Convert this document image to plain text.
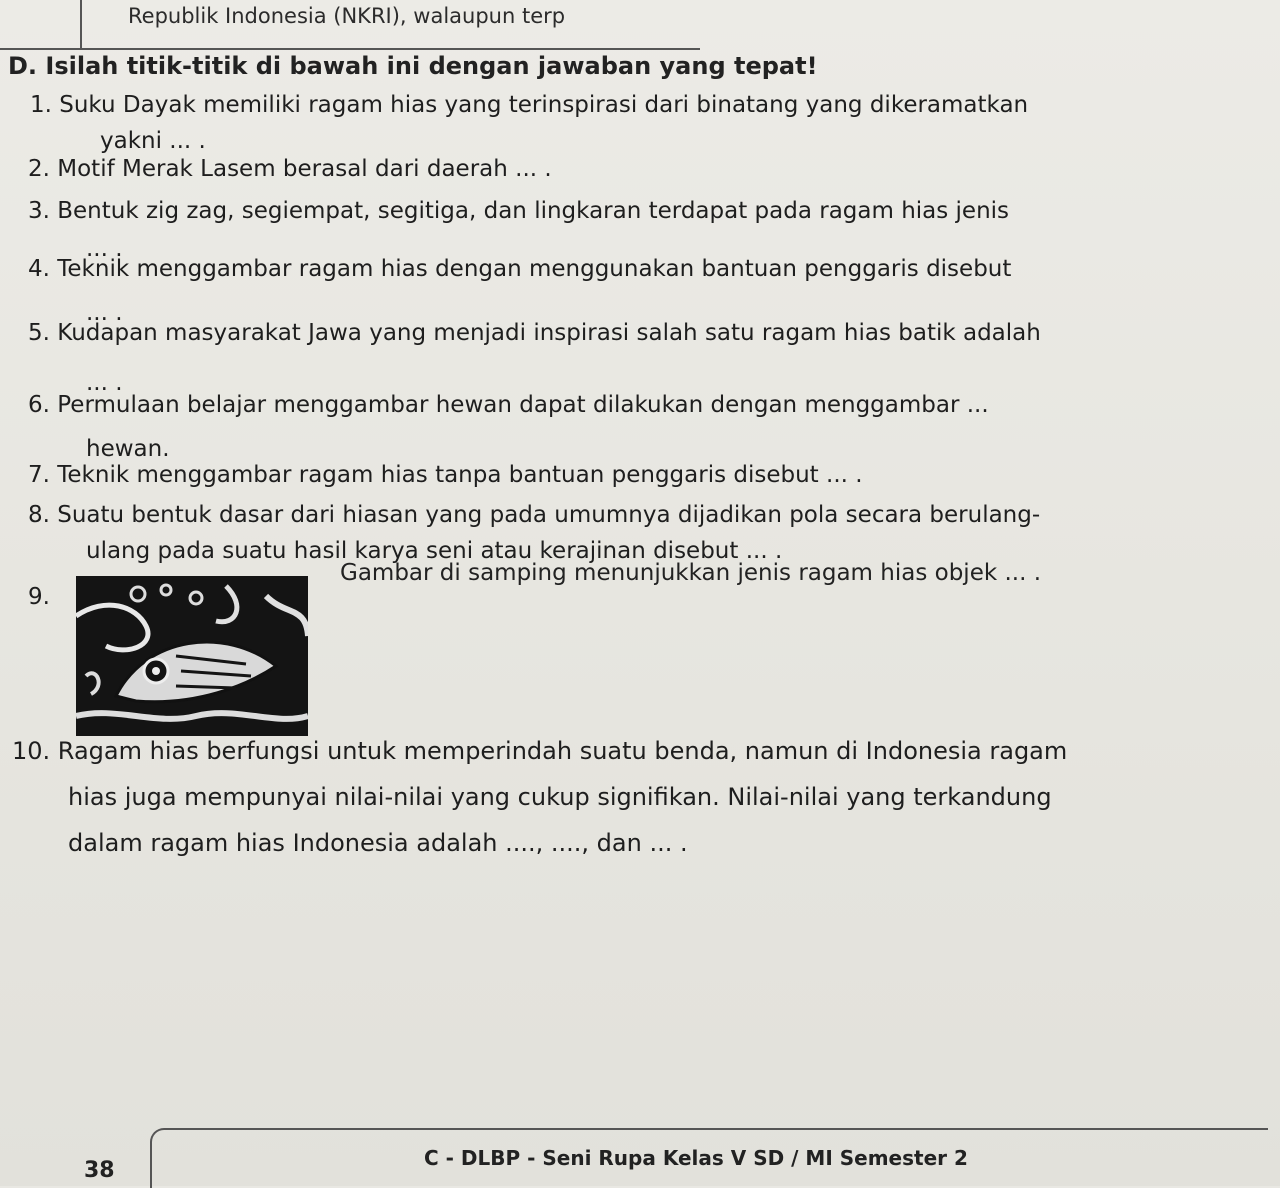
Republik Indonesia (NKRI), walaupun terp
D. Isilah titik-titik di bawah ini dengan jawaban yang tepat!
1. Suku Dayak memiliki ragam hias yang terinspirasi dari binatang yang dikeramatkan
yakni ... .
2. Motif Merak Lasem berasal dari daerah ... .
3. Bentuk zig zag, segiempat, segitiga, dan lingkaran terdapat pada ragam hias jenis
... .
4. Teknik menggambar ragam hias dengan menggunakan bantuan penggaris disebut
... .
5. Kudapan masyarakat Jawa yang menjadi inspirasi salah satu ragam hias batik adalah
... .
6. Permulaan belajar menggambar hewan dapat dilakukan dengan menggambar ...
hewan.
7. Teknik menggambar ragam hias tanpa bantuan penggaris disebut ... .
8. Suatu bentuk dasar dari hiasan yang pada umumnya dijadikan pola secara berulang-
ulang pada suatu hasil karya seni atau kerajinan disebut ... .
9.
Gambar di samping menunjukkan jenis ragam hias objek ... .
10. Ragam hias berfungsi untuk memperindah suatu benda, namun di Indonesia ragam
hias juga mempunyai nilai-nilai yang cukup signifikan. Nilai-nilai yang terkandung
dalam ragam hias Indonesia adalah ...., ...., dan ... .
38	C - DLBP - Seni Rupa Kelas V SD / MI Semester 2
